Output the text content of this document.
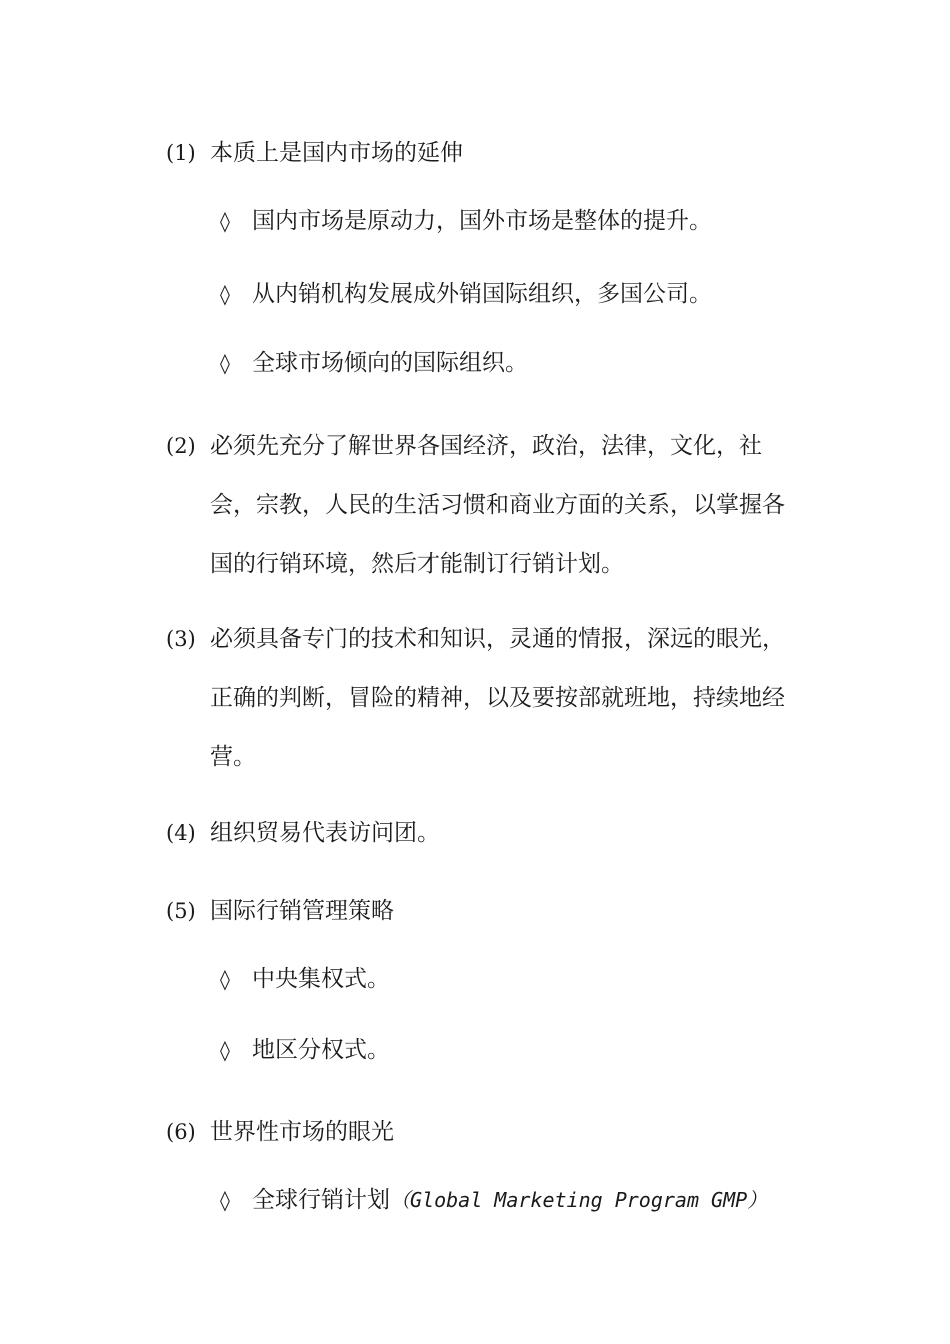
(1) 本质上是国内市场的延伸
◊ 国内市场是原动力，国外市场是整体的提升。
◊ 从内销机构发展成外销国际组织，多国公司。
◊ 全球市场倾向的国际组织。
(2) 必须先充分了解世界各国经济，政治，法律，文化，社会，宗教，人民的生活习惯和商业方面的关系，以掌握各国的行销环境，然后才能制订行销计划。
(3) 必须具备专门的技术和知识，灵通的情报，深远的眼光，正确的判断，冒险的精神，以及要按部就班地，持续地经营。
(4) 组织贸易代表访问团。
(5) 国际行销管理策略
◊ 中央集权式。
◊ 地区分权式。
(6) 世界性市场的眼光
◊ 全球行销计划（Global Marketing Program GMP）
